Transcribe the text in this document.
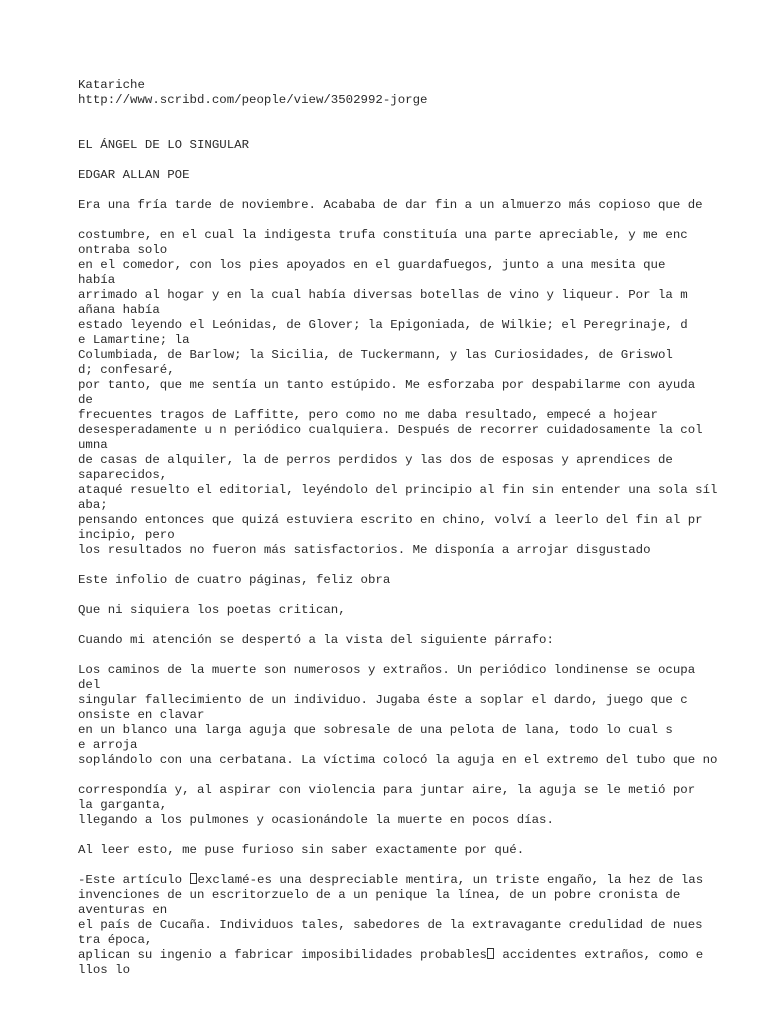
Katariche
http://www.scribd.com/people/view/3502992-jorge
EL ÁNGEL DE LO SINGULAR
EDGAR ALLAN POE
Era una fría tarde de noviembre. Acababa de dar fin a un almuerzo más copioso que de
costumbre, en el cual la indigesta trufa constituía una parte apreciable, y me enc
ontraba solo
en el comedor, con los pies apoyados en el guardafuegos, junto a una mesita que
había
arrimado al hogar y en la cual había diversas botellas de vino y liqueur. Por la m
añana había
estado leyendo el Leónidas, de Glover; la Epigoniada, de Wilkie; el Peregrinaje, d
e Lamartine; la
Columbiada, de Barlow; la Sicilia, de Tuckermann, y las Curiosidades, de Griswol
d; confesaré,
por tanto, que me sentía un tanto estúpido. Me esforzaba por despabilarme con ayuda
de
frecuentes tragos de Laffitte, pero como no me daba resultado, empecé a hojear
desesperadamente u n periódico cualquiera. Después de recorrer cuidadosamente la col
umna
de casas de alquiler, la de perros perdidos y las dos de esposas y aprendices de
saparecidos,
ataqué resuelto el editorial, leyéndolo del principio al fin sin entender una sola síl
aba;
pensando entonces que quizá estuviera escrito en chino, volví a leerlo del fin al pr
incipio, pero
los resultados no fueron más satisfactorios. Me disponía a arrojar disgustado
Este infolio de cuatro páginas, feliz obra
Que ni siquiera los poetas critican,
Cuando mi atención se despertó a la vista del siguiente párrafo:
Los caminos de la muerte son numerosos y extraños. Un periódico londinense se ocupa
del
singular fallecimiento de un individuo. Jugaba éste a soplar el dardo, juego que c
onsiste en clavar
en un blanco una larga aguja que sobresale de una pelota de lana, todo lo cual s
e arroja
soplándolo con una cerbatana. La víctima colocó la aguja en el extremo del tubo que no
correspondía y, al aspirar con violencia para juntar aire, la aguja se le metió por
la garganta,
llegando a los pulmones y ocasionándole la muerte en pocos días.
Al leer esto, me puse furioso sin saber exactamente por qué.
-Este artículo exclamé-es una despreciable mentira, un triste engaño, la hez de las
invenciones de un escritorzuelo de a un penique la línea, de un pobre cronista de
aventuras en
el país de Cucaña. Individuos tales, sabedores de la extravagante credulidad de nues
tra época,
aplican su ingenio a fabricar imposibilidades probables accidentes extraños, como e
llos lo
